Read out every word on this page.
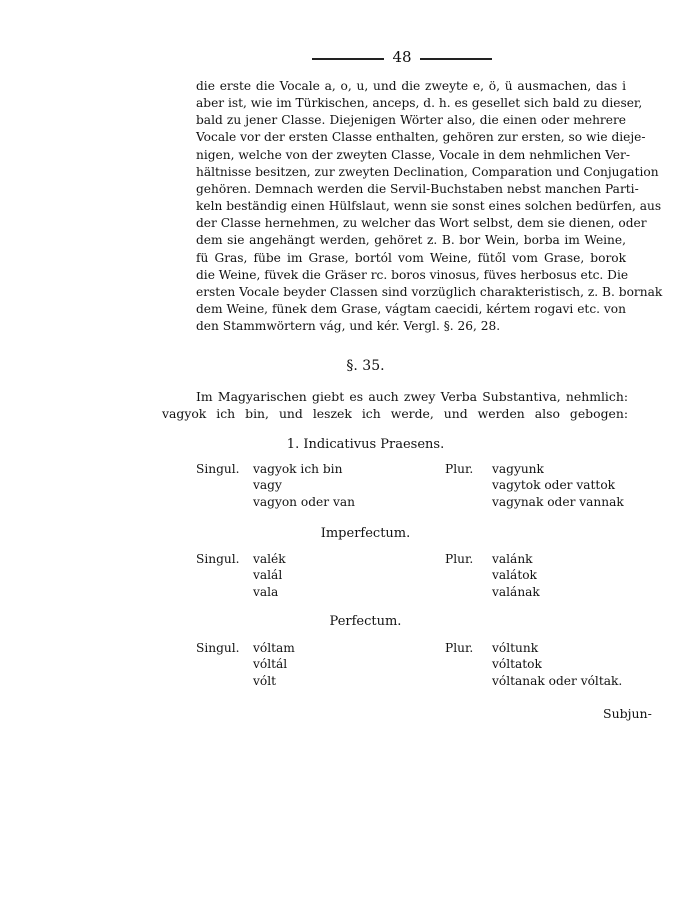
48
die erste die Vocale a, o, u, und die zweyte e, ö, ü ausmachen, das i
aber ist, wie im Türkischen, anceps, d. h. es gesellet sich bald zu dieser,
bald zu jener Classe. Diejenigen Wörter also, die einen oder mehrere
Vocale vor der ersten Classe enthalten, gehören zur ersten, so wie dieje-
nigen, welche von der zweyten Classe, Vocale in dem nehmlichen Ver-
hältnisse besitzen, zur zweyten Declination, Comparation und Conjugation
gehören. Demnach werden die Servil-Buchstaben nebst manchen Parti-
keln beständig einen Hülfslaut, wenn sie sonst eines solchen bedürfen, aus
der Classe hernehmen, zu welcher das Wort selbst, dem sie dienen, oder
dem sie angehängt werden, gehöret z. B. bor Wein, borba im Weine,
fü Gras, fübe im Grase, bortól vom Weine, fütől vom Grase, borok
die Weine, füvek die Gräser rc. boros vinosus, füves herbosus etc. Die
ersten Vocale beyder Classen sind vorzüglich charakteristisch, z. B. bornak
dem Weine, fünek dem Grase, vágtam caecidi, kértem rogavi etc. von
den Stammwörtern vág, und kér. Vergl. §. 26, 28.
§. 35.
Im Magyarischen giebt es auch zwey Verba Substantiva, nehmlich:
vagyok ich bin, und leszek ich werde, und werden also gebogen:
1. Indicativus Praesens.
Singul. vagyok ich bin
vagy
vagyon oder van
Plur. vagyunk
vagytok oder vattok
vagynak oder vannak
Imperfectum.
Singul. valék
valál
vala
Plur. valánk
valátok
valának
Perfectum.
Singul. vóltam
vóltál
vólt
Plur. vóltunk
vóltatok
vóltanak oder vóltak.
Subjun-
